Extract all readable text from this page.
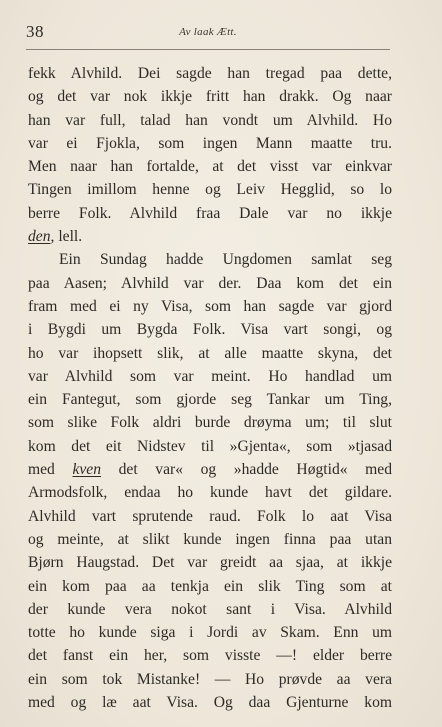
38	Av laak Ætt.
fekk Alvhild. Dei sagde han tregad paa dette,
og det var nok ikkje fritt han drakk. Og naar
han var full, talad han vondt um Alvhild. Ho
var ei Fjokla, som ingen Mann maatte tru.
Men naar han fortalde, at det visst var einkvar
Tingen imillom henne og Leiv Hegglid, so lo
berre Folk. Alvhild fraa Dale var no ikkje
den, lell.
Ein Sundag hadde Ungdomen samlat seg
paa Aasen; Alvhild var der. Daa kom det ein
fram med ei ny Visa, som han sagde var gjord
i Bygdi um Bygda Folk. Visa vart songi, og
ho var ihopsett slik, at alle maatte skyna, det
var Alvhild som var meint. Ho handlad um
ein Fantegut, som gjorde seg Tankar um Ting,
som slike Folk aldri burde drøyma um; til slut
kom det eit Nidstev til »Gjenta«, som »tjasad
med kven det var« og »hadde Høgtid« med
Armodsfolk, endaa ho kunde havt det gildare.
Alvhild vart sprutende raud. Folk lo aat Visa
og meinte, at slikt kunde ingen finna paa utan
Bjørn Haugstad. Det var greidt aa sjaa, at ikkje
ein kom paa aa tenkja ein slik Ting som at
der kunde vera nokot sant i Visa. Alvhild
totte ho kunde siga i Jordi av Skam. Enn um
det fanst ein her, som visste —! elder berre
ein som tok Mistanke! — Ho prøvde aa vera
med og læ aat Visa. Og daa Gjenturne kom
